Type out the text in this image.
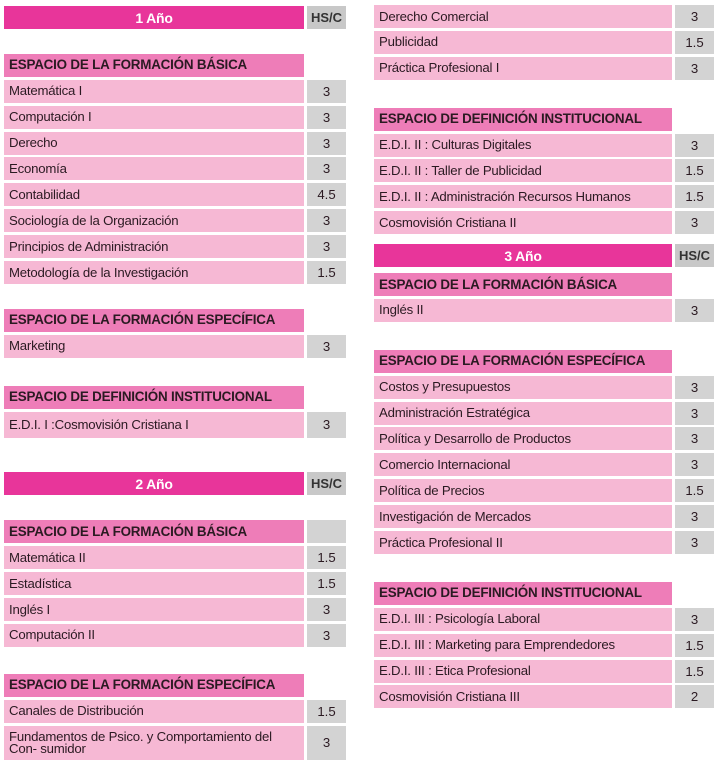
1 Año	HS/C
ESPACIO DE LA FORMACIÓN BÁSICA
Matemática I	3
Computación I	3
Derecho	3
Economía	3
Contabilidad	4.5
Sociología de la Organización	3
Principios de Administración	3
Metodología de la Investigación	1.5
ESPACIO DE LA FORMACIÓN ESPECÍFICA
Marketing	3
ESPACIO DE DEFINICIÓN INSTITUCIONAL
E.D.I. I :Cosmovisión Cristiana I	3
2 Año	HS/C
ESPACIO DE LA FORMACIÓN BÁSICA
Matemática II	1.5
Estadística	1.5
Inglés I	3
Computación II	3
ESPACIO DE LA FORMACIÓN ESPECÍFICA
Canales de Distribución	1.5
Fundamentos de Psico. y Comportamiento del Con- sumidor	3
Derecho Comercial	3
Publicidad	1.5
Práctica Profesional I	3
ESPACIO DE DEFINICIÓN INSTITUCIONAL
E.D.I. II : Culturas Digitales	3
E.D.I. II : Taller de Publicidad	1.5
E.D.I. II : Administración Recursos Humanos	1.5
Cosmovisión Cristiana II	3
3 Año	HS/C
ESPACIO DE LA FORMACIÓN BÁSICA
Inglés II	3
ESPACIO DE LA FORMACIÓN ESPECÍFICA
Costos y Presupuestos	3
Administración Estratégica	3
Política y Desarrollo de Productos	3
Comercio Internacional	3
Política de Precios	1.5
Investigación de Mercados	3
Práctica Profesional II	3
ESPACIO DE DEFINICIÓN INSTITUCIONAL
E.D.I. III : Psicología Laboral	3
E.D.I. III : Marketing para Emprendedores	1.5
E.D.I. III : Etica Profesional	1.5
Cosmovisión Cristiana III	2
